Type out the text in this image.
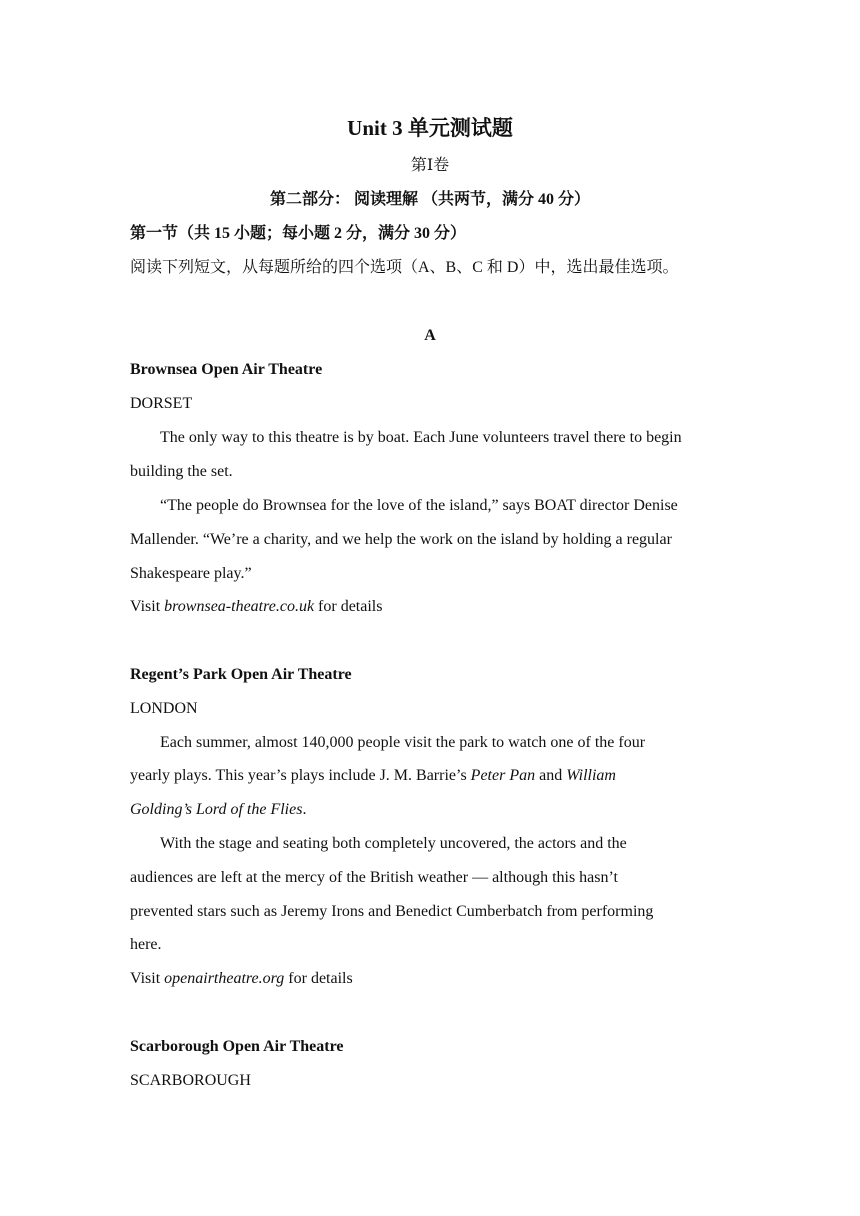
Unit 3 单元测试题
第Ⅰ卷
第二部分： 阅读理解 （共两节，满分 40 分）
第一节（共 15 小题；每小题 2 分，满分 30 分）
阅读下列短文，从每题所给的四个选项（A、B、C 和 D）中，选出最佳选项。
A
Brownsea Open Air Theatre
DORSET
The only way to this theatre is by boat. Each June volunteers travel there to begin
building the set.
“The people do Brownsea for the love of the island,” says BOAT director Denise
Mallender. “We’re a charity, and we help the work on the island by holding a regular
Shakespeare play.”
Visit brownsea-theatre.co.uk for details
Regent’s Park Open Air Theatre
LONDON
Each summer, almost 140,000 people visit the park to watch one of the four
yearly plays. This year’s plays include J. M. Barrie’s Peter Pan and William
Golding’s Lord of the Flies.
With the stage and seating both completely uncovered, the actors and the
audiences are left at the mercy of the British weather — although this hasn’t
prevented stars such as Jeremy Irons and Benedict Cumberbatch from performing
here.
Visit openairtheatre.org for details
Scarborough Open Air Theatre
SCARBOROUGH
